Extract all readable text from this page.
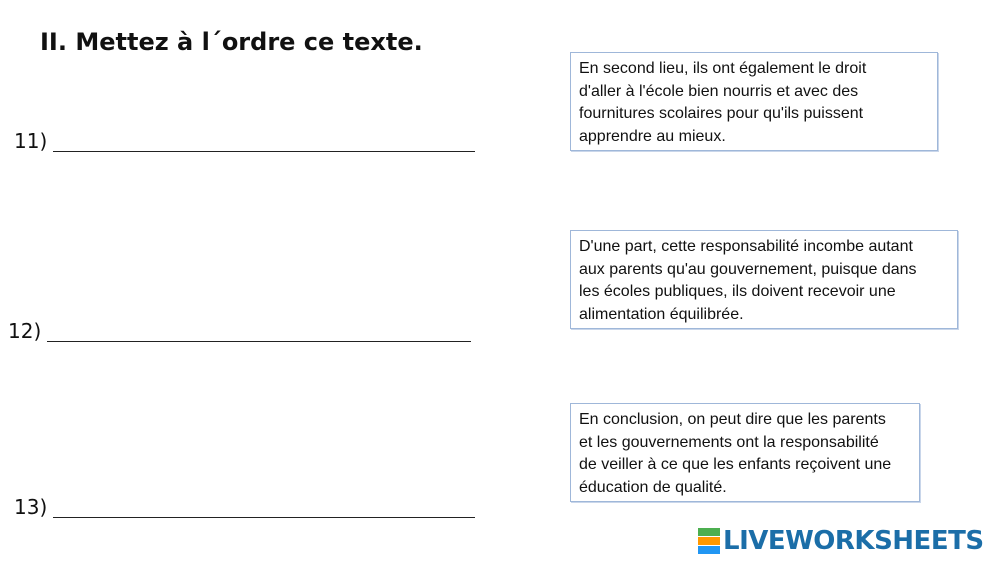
II. Mettez à l´ordre ce texte.
11)
12)
13)
En second lieu, ils ont également le droit
d'aller à l'école bien nourris et avec des
fournitures scolaires pour qu'ils puissent
apprendre au mieux.
D'une part, cette responsabilité incombe autant
aux parents qu'au gouvernement, puisque dans
les écoles publiques, ils doivent recevoir une
alimentation équilibrée.
En conclusion, on peut dire que les parents
et les gouvernements ont la responsabilité
de veiller à ce que les enfants reçoivent une
éducation de qualité.
LIVEWORKSHEETS
